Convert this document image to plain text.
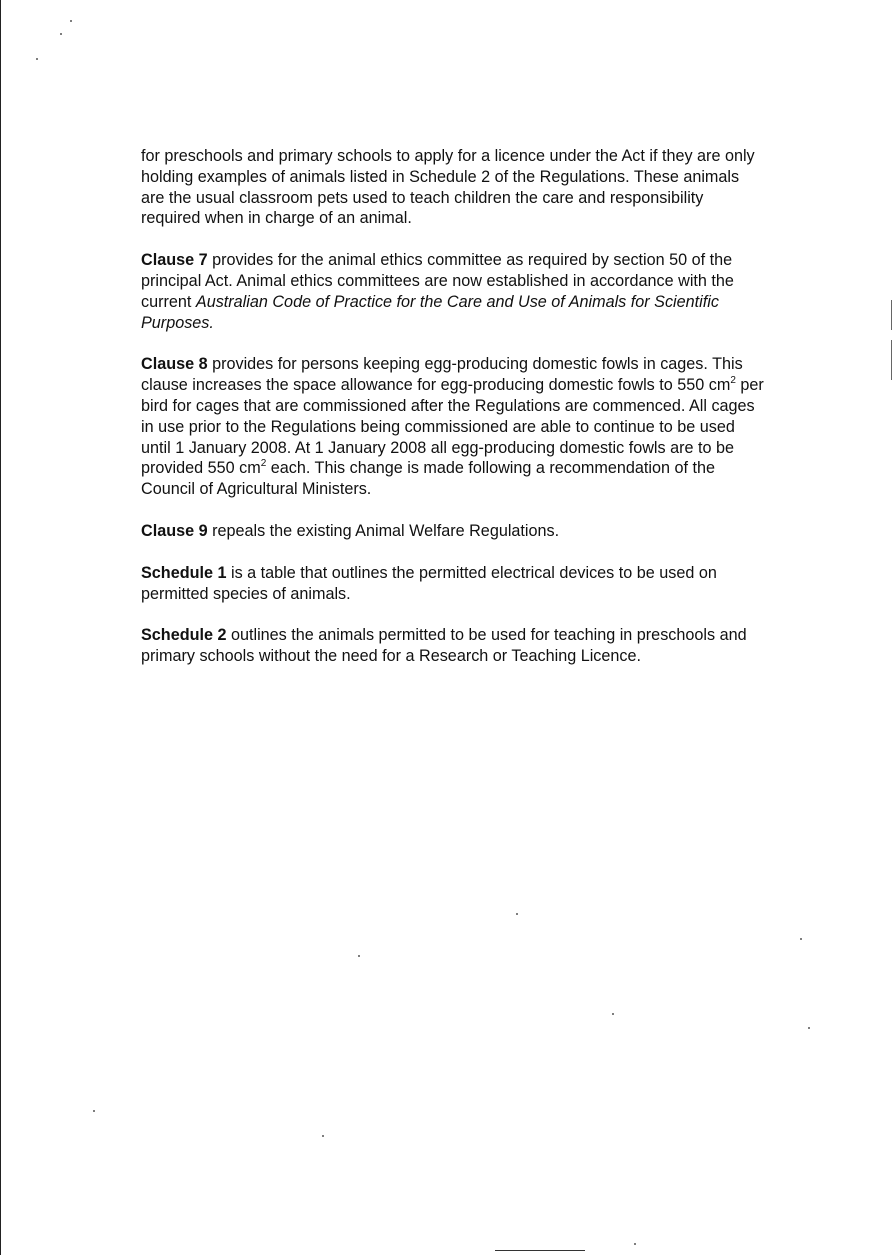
for preschools and primary schools to apply for a licence under the Act if they are only holding examples of animals listed in Schedule 2 of the Regulations. These animals are the usual classroom pets used to teach children the care and responsibility required when in charge of an animal.

Clause 7 provides for the animal ethics committee as required by section 50 of the principal Act. Animal ethics committees are now established in accordance with the current Australian Code of Practice for the Care and Use of Animals for Scientific Purposes.

Clause 8 provides for persons keeping egg-producing domestic fowls in cages. This clause increases the space allowance for egg-producing domestic fowls to 550 $cm^2$ per bird for cages that are commissioned after the Regulations are commenced. All cages in use prior to the Regulations being commissioned are able to continue to be used until 1 January 2008. At 1 January 2008 all egg-producing domestic fowls are to be provided 550 $cm^2$ each. This change is made following a recommendation of the Council of Agricultural Ministers.

Clause 9 repeals the existing Animal Welfare Regulations.

Schedule 1 is a table that outlines the permitted electrical devices to be used on permitted species of animals.

Schedule 2 outlines the animals permitted to be used for teaching in preschools and primary schools without the need for a Research or Teaching Licence.
